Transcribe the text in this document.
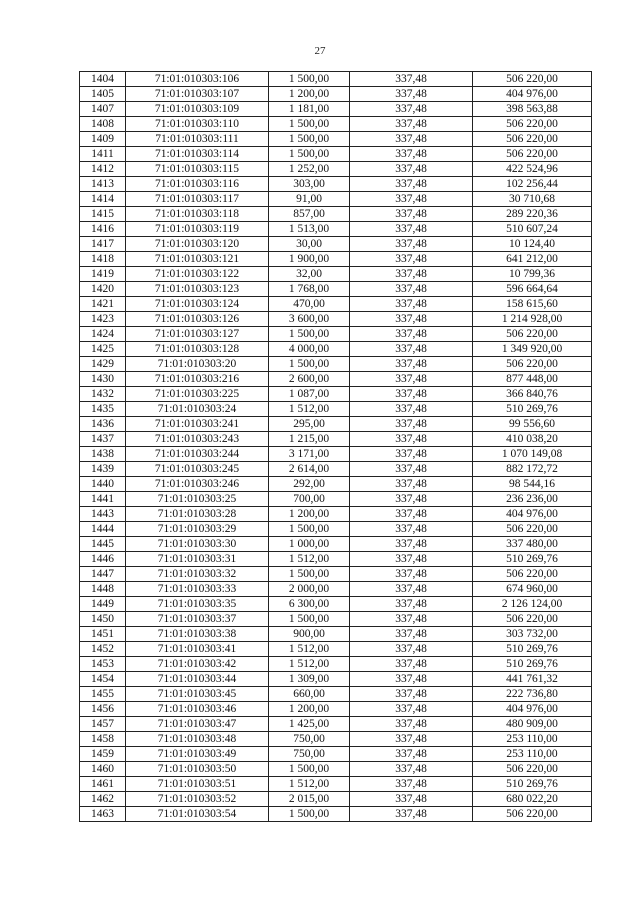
27
1404	71:01:010303:106	1 500,00	337,48	506 220,00
1405	71:01:010303:107	1 200,00	337,48	404 976,00
1407	71:01:010303:109	1 181,00	337,48	398 563,88
1408	71:01:010303:110	1 500,00	337,48	506 220,00
1409	71:01:010303:111	1 500,00	337,48	506 220,00
1411	71:01:010303:114	1 500,00	337,48	506 220,00
1412	71:01:010303:115	1 252,00	337,48	422 524,96
1413	71:01:010303:116	303,00	337,48	102 256,44
1414	71:01:010303:117	91,00	337,48	30 710,68
1415	71:01:010303:118	857,00	337,48	289 220,36
1416	71:01:010303:119	1 513,00	337,48	510 607,24
1417	71:01:010303:120	30,00	337,48	10 124,40
1418	71:01:010303:121	1 900,00	337,48	641 212,00
1419	71:01:010303:122	32,00	337,48	10 799,36
1420	71:01:010303:123	1 768,00	337,48	596 664,64
1421	71:01:010303:124	470,00	337,48	158 615,60
1423	71:01:010303:126	3 600,00	337,48	1 214 928,00
1424	71:01:010303:127	1 500,00	337,48	506 220,00
1425	71:01:010303:128	4 000,00	337,48	1 349 920,00
1429	71:01:010303:20	1 500,00	337,48	506 220,00
1430	71:01:010303:216	2 600,00	337,48	877 448,00
1432	71:01:010303:225	1 087,00	337,48	366 840,76
1435	71:01:010303:24	1 512,00	337,48	510 269,76
1436	71:01:010303:241	295,00	337,48	99 556,60
1437	71:01:010303:243	1 215,00	337,48	410 038,20
1438	71:01:010303:244	3 171,00	337,48	1 070 149,08
1439	71:01:010303:245	2 614,00	337,48	882 172,72
1440	71:01:010303:246	292,00	337,48	98 544,16
1441	71:01:010303:25	700,00	337,48	236 236,00
1443	71:01:010303:28	1 200,00	337,48	404 976,00
1444	71:01:010303:29	1 500,00	337,48	506 220,00
1445	71:01:010303:30	1 000,00	337,48	337 480,00
1446	71:01:010303:31	1 512,00	337,48	510 269,76
1447	71:01:010303:32	1 500,00	337,48	506 220,00
1448	71:01:010303:33	2 000,00	337,48	674 960,00
1449	71:01:010303:35	6 300,00	337,48	2 126 124,00
1450	71:01:010303:37	1 500,00	337,48	506 220,00
1451	71:01:010303:38	900,00	337,48	303 732,00
1452	71:01:010303:41	1 512,00	337,48	510 269,76
1453	71:01:010303:42	1 512,00	337,48	510 269,76
1454	71:01:010303:44	1 309,00	337,48	441 761,32
1455	71:01:010303:45	660,00	337,48	222 736,80
1456	71:01:010303:46	1 200,00	337,48	404 976,00
1457	71:01:010303:47	1 425,00	337,48	480 909,00
1458	71:01:010303:48	750,00	337,48	253 110,00
1459	71:01:010303:49	750,00	337,48	253 110,00
1460	71:01:010303:50	1 500,00	337,48	506 220,00
1461	71:01:010303:51	1 512,00	337,48	510 269,76
1462	71:01:010303:52	2 015,00	337,48	680 022,20
1463	71:01:010303:54	1 500,00	337,48	506 220,00
